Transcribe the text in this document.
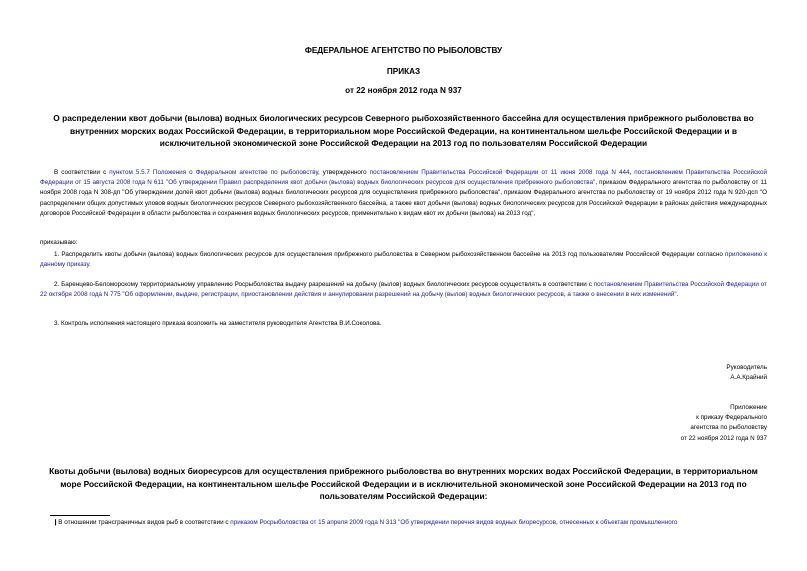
ФЕДЕРАЛЬНОЕ АГЕНТСТВО ПО РЫБОЛОВСТВУ
ПРИКАЗ
от 22 ноября 2012 года N 937
О распределении квот добычи (вылова) водных биологических ресурсов Северного рыбохозяйственного бассейна для осуществления прибрежного рыболовства во внутренних морских водах Российской Федерации, в территориальном море Российской Федерации, на континентальном шельфе Российской Федерации и в исключительной экономической зоне Российской Федерации на 2013 год по пользователям Российской Федерации
В соответствии с пунктом 5.5.7 Положения о Федеральном агентстве по рыболовству, утвержденного постановлением Правительства Российской Федерации от 11 июня 2008 года N 444, постановлением Правительства Российской Федерации от 15 августа 2008 года N 611 "Об утверждении Правил распределения квот добычи (вылова) водных биологических ресурсов для осуществления прибрежного рыболовства", приказом Федерального агентства по рыболовству от 11 ноября 2008 года N 308-дп "Об утверждении долей квот добычи (вылова) водных биологических ресурсов для осуществления прибрежного рыболовства", приказом Федерального агентства по рыболовству от 19 ноября 2012 года N 920-дсп "О распределении общих допустимых уловов водных биологических ресурсов Северного рыбохозяйственного бассейна, а также квот добычи (вылова) водных биологических ресурсов для Российской Федерации в районах действия международных договоров Российской Федерации в области рыболовства и сохранения водных биологических ресурсов, применительно к видам квот их добычи (вылова) на 2013 год",
приказываю:
1. Распределить квоты добычи (вылова) водных биологических ресурсов для осуществления прибрежного рыболовства в Северном рыбохозяйственном бассейне на 2013 год пользователям Российской Федерации согласно приложению к данному приказу.
2. Баренцево-Беломорскому территориальному управлению Росрыболовства выдачу разрешений на добычу (вылов) водных биологических ресурсов осуществлять в соответствии с постановлением Правительства Российской Федерации от 22 октября 2008 года N 775 "Об оформлении, выдаче, регистрации, приостановлении действия и аннулировании разрешений на добычу (вылов) водных биологических ресурсов, а также о внесении в них изменений".
3. Контроль исполнения настоящего приказа возложить на заместителя руководителя Агентства В.И.Соколова.
Руководитель
А.А.Крайний
Приложение
к приказу Федерального
агентства по рыболовству
от 22 ноября 2012 года N 937
Квоты добычи (вылова) водных биоресурсов для осуществления прибрежного рыболовства во внутренних морских водах Российской Федерации, в территориальном море Российской Федерации, на континентальном шельфе Российской Федерации и в исключительной экономической зоне Российской Федерации на 2013 год по пользователям Российской Федерации:
❙В отношении трансграничных видов рыб в соответствии с приказом Росрыболовства от 15 апреля 2009 года N 313 "Об утверждении перечня видов водных биоресурсов, отнесенных к объектам промышленного
